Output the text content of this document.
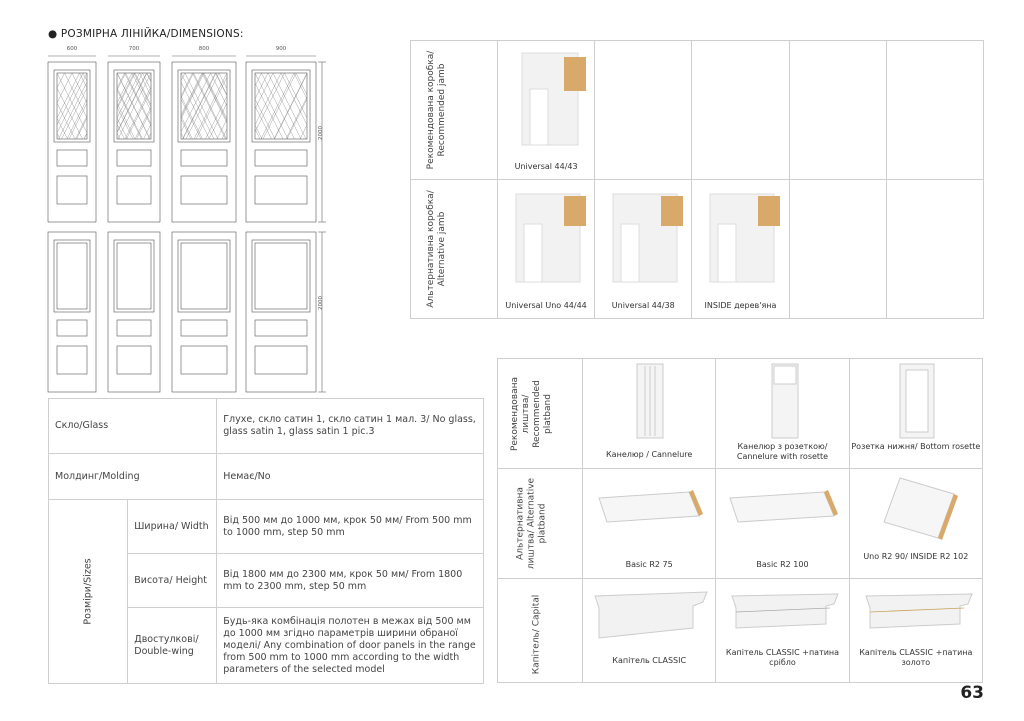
● РОЗМІРНА ЛІНІЙКА/DIMENSIONS:
600	700	800	900
2000
2000
Рекомендована коробка/ Recommended jamb	Universal 44/43				

Альтернативна коробка/ Alternative jamb	Universal Uno 44/44	Universal 44/38	INSIDE дерев'яна		

Рекомендована лиштва/ Recommended platband	Канелюр / Cannelure	Канелюр з розеткою/ Cannelure with rosette	Розетка нижня/ Bottom rosette

Альтернативна лиштва/ Alternative platband	Basic R2 75	Basic R2 100	Uno R2 90/ INSIDE R2 102

Капітель/ Capital	Капітель CLASSIC	Капітель CLASSIC +патина срібло	Капітель CLASSIC +патина золото
Скло/Glass		Глухе, скло сатин 1, скло сатин 1 мал. 3/ No glass, glass satin 1, glass satin 1 pic.3
Молдинг/Molding		Немає/No
Розміри/Sizes	Ширина/ Width	Від 500 мм до 1000 мм, крок 50 мм/ From 500 mm to 1000 mm, step 50 mm
	Висота/ Height	Від 1800 мм до 2300 мм, крок 50 мм/ From 1800 mm to 2300 mm, step 50 mm
	Двостулкові/ Double-wing	Будь-яка комбінація полотен в межах від 500 мм до 1000 мм згідно параметрів ширини обраної моделі/ Any combination of door panels in the range from 500 mm to 1000 mm according to the width parameters of the selected model
63
